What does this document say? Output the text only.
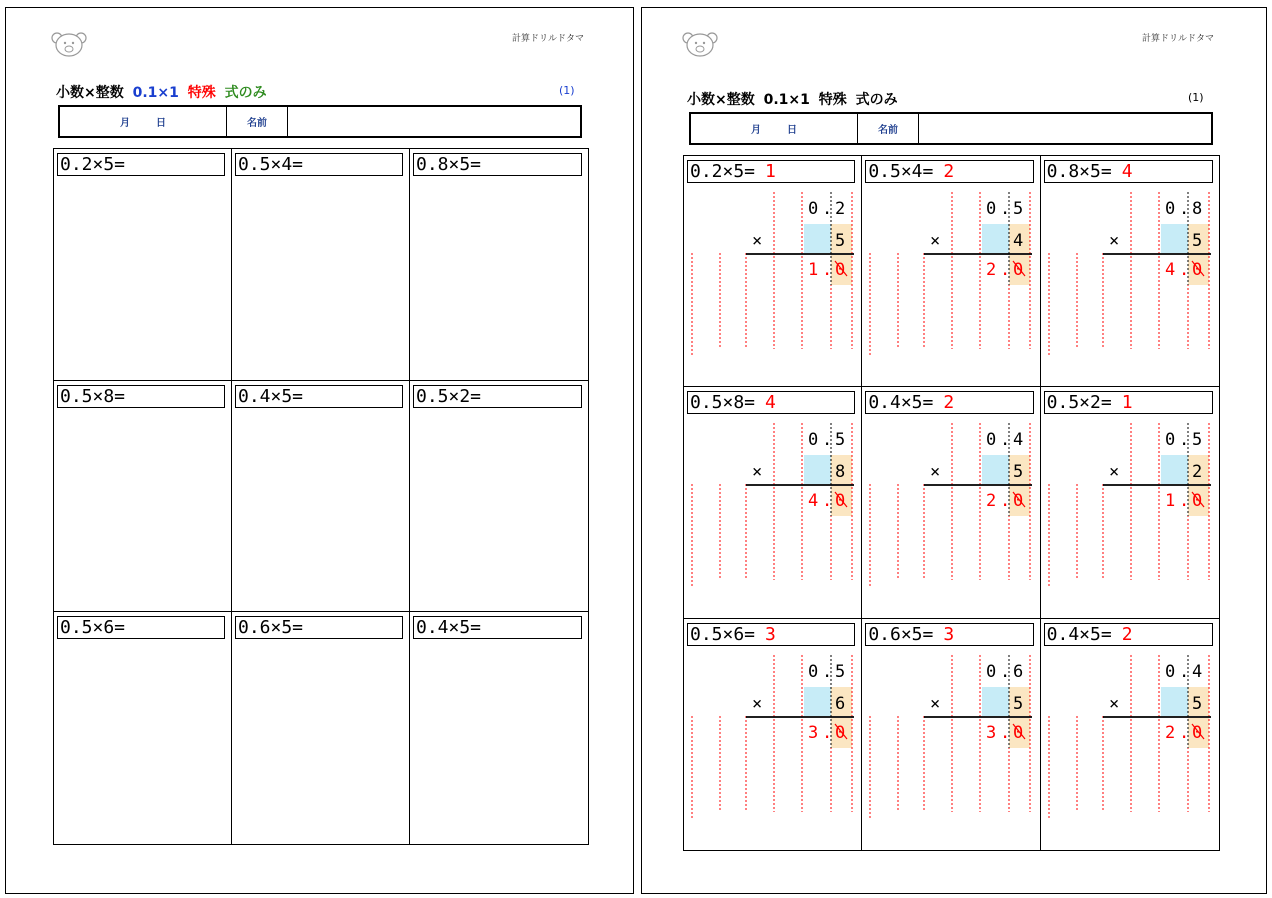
計算ドリルドタマ
小数×整数 0.1×1 特殊 式のみ	(1)
月	日	名前
0.2×5=	0.5×4=	0.8×5=
0.5×8=	0.4×5=	0.5×2=
0.5×6=	0.6×5=	0.4×5=
計算ドリルドタマ
小数×整数 0.1×1 特殊 式のみ	(1)
月	日	名前
0.2×5= 1
0 . 2
×	5
1 . 0
0.5×4= 2
0 . 5
×	4
2 . 0
0.8×5= 4
0 . 8
×	5
4 . 0
0.5×8= 4
0 . 5
×	8
4 . 0
0.4×5= 2
0 . 4
×	5
2 . 0
0.5×2= 1
0 . 5
×	2
1 . 0
0.5×6= 3
0 . 5
×	6
3 . 0
0.6×5= 3
0 . 6
×	5
3 . 0
0.4×5= 2
0 . 4
×	5
2 . 0
